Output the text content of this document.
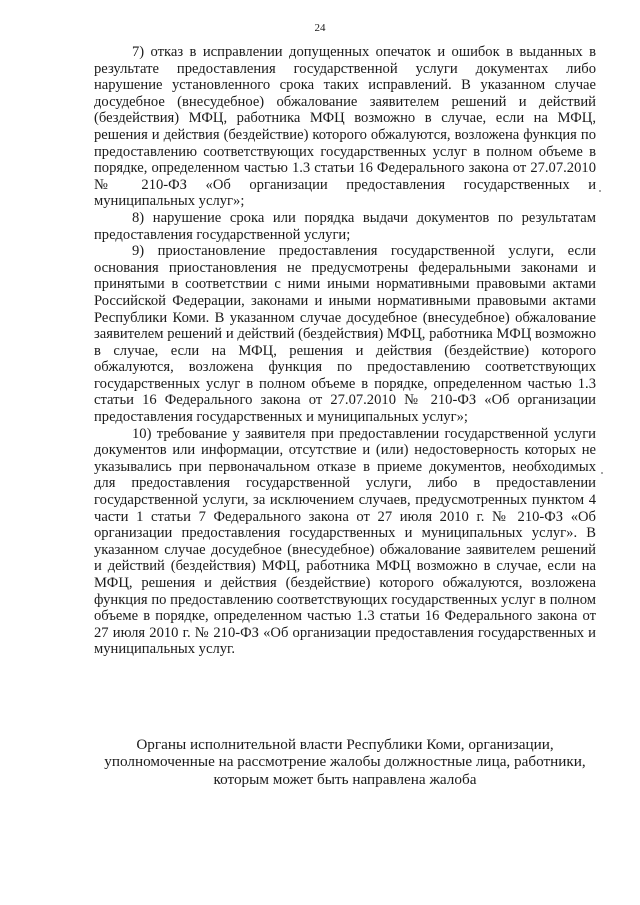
24

7) отказ в исправлении допущенных опечаток и ошибок в выданных в результате предоставления государственной услуги документах либо нарушение установленного срока таких исправлений. В указанном случае досудебное (внесудебное) обжалование заявителем решений и действий (бездействия) МФЦ, работника МФЦ возможно в случае, если на МФЦ, решения и действия (бездействие) которого обжалуются, возложена функция по предоставлению соответствующих государственных услуг в полном объеме в порядке, определенном частью 1.3 статьи 16 Федерального закона от 27.07.2010 № 210-ФЗ «Об организации предоставления государственных и муниципальных услуг»;

8) нарушение срока или порядка выдачи документов по результатам предоставления государственной услуги;

9) приостановление предоставления государственной услуги, если основания приостановления не предусмотрены федеральными законами и принятыми в соответствии с ними иными нормативными правовыми актами Российской Федерации, законами и иными нормативными правовыми актами Республики Коми. В указанном случае досудебное (внесудебное) обжалование заявителем решений и действий (бездействия) МФЦ, работника МФЦ возможно в случае, если на МФЦ, решения и действия (бездействие) которого обжалуются, возложена функция по предоставлению соответствующих государственных услуг в полном объеме в порядке, определенном частью 1.3 статьи 16 Федерального закона от 27.07.2010 № 210-ФЗ «Об организации предоставления государственных и муниципальных услуг»;

10) требование у заявителя при предоставлении государственной услуги документов или информации, отсутствие и (или) недостоверность которых не указывались при первоначальном отказе в приеме документов, необходимых для предоставления государственной услуги, либо в предоставлении государственной услуги, за исключением случаев, предусмотренных пунктом 4 части 1 статьи 7 Федерального закона от 27 июля 2010 г. № 210-ФЗ «Об организации предоставления государственных и муниципальных услуг». В указанном случае досудебное (внесудебное) обжалование заявителем решений и действий (бездействия) МФЦ, работника МФЦ возможно в случае, если на МФЦ, решения и действия (бездействие) которого обжалуются, возложена функция по предоставлению соответствующих государственных услуг в полном объеме в порядке, определенном частью 1.3 статьи 16 Федерального закона от 27 июля 2010 г. № 210-ФЗ «Об организации предоставления государственных и муниципальных услуг.

Органы исполнительной власти Республики Коми, организации,
уполномоченные на рассмотрение жалобы должностные лица, работники,
которым может быть направлена жалоба
